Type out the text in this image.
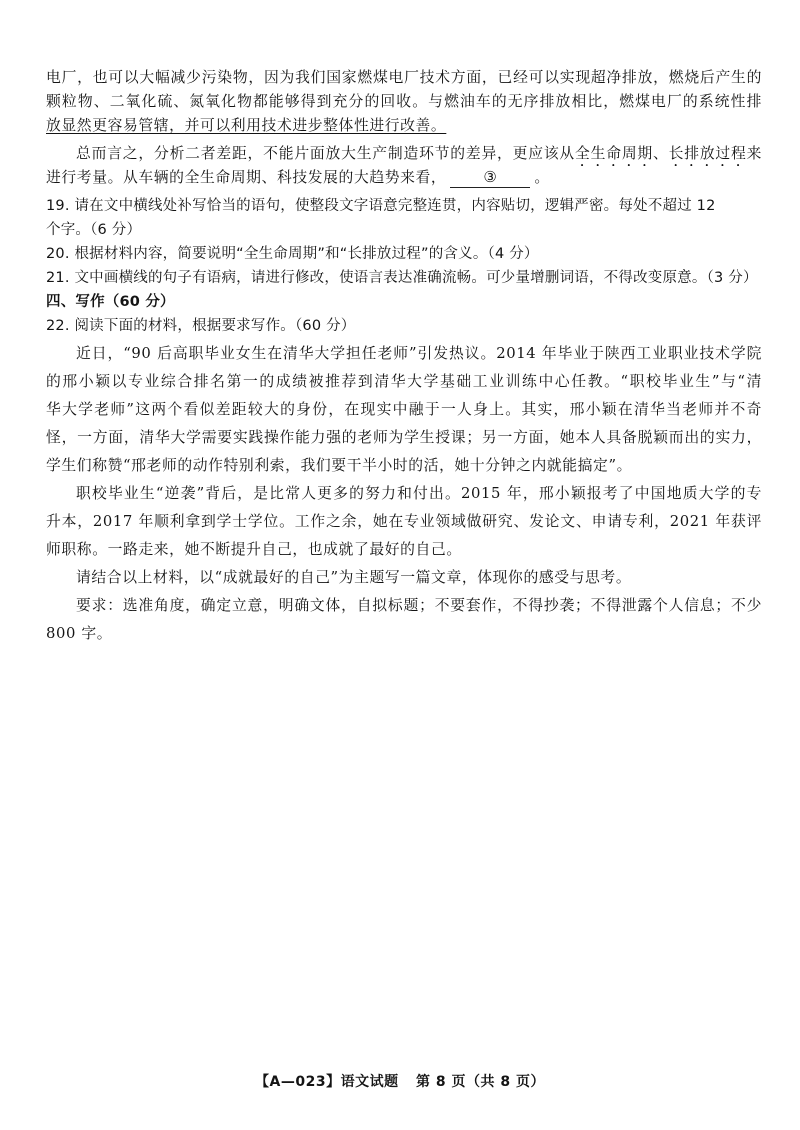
电厂，也可以大幅减少污染物，因为我们国家燃煤电厂技术方面，已经可以实现超净排放，燃烧后产生的
颗粒物、二氧化硫、氮氧化物都能够得到充分的回收。与燃油车的无序排放相比，燃煤电厂的系统性排
放显然更容易管辖，并可以利用技术进步整体性进行改善。
总而言之，分析二者差距，不能片面放大生产制造环节的差异，更应该从全生命周期、长排放过程来
进行考量。从车辆的全生命周期、科技发展的大趋势来看，	③	。
19. 请在文中横线处补写恰当的语句，使整段文字语意完整连贯，内容贴切，逻辑严密。每处不超过 12
个字。（6 分）
20. 根据材料内容，简要说明“全生命周期”和“长排放过程”的含义。（4 分）
21. 文中画横线的句子有语病，请进行修改，使语言表达准确流畅。可少量增删词语，不得改变原意。（3 分）
四、写作（60 分）
22. 阅读下面的材料，根据要求写作。（60 分）
近日，“90 后高职毕业女生在清华大学担任老师”引发热议。2014 年毕业于陕西工业职业技术学院
的邢小颖以专业综合排名第一的成绩被推荐到清华大学基础工业训练中心任教。“职校毕业生”与“清
华大学老师”这两个看似差距较大的身份，在现实中融于一人身上。其实，邢小颖在清华当老师并不奇
怪，一方面，清华大学需要实践操作能力强的老师为学生授课；另一方面，她本人具备脱颖而出的实力，
学生们称赞“邢老师的动作特别利索，我们要干半小时的活，她十分钟之内就能搞定”。
职校毕业生“逆袭”背后，是比常人更多的努力和付出。2015 年，邢小颖报考了中国地质大学的专
升本，2017 年顺利拿到学士学位。工作之余，她在专业领域做研究、发论文、申请专利，2021 年获评
师职称。一路走来，她不断提升自己，也成就了最好的自己。
请结合以上材料，以“成就最好的自己”为主题写一篇文章，体现你的感受与思考。
要求：选准角度，确定立意，明确文体，自拟标题；不要套作，不得抄袭；不得泄露个人信息；不少
800 字。
【A—023】语文试题 第 8 页（共 8 页）
